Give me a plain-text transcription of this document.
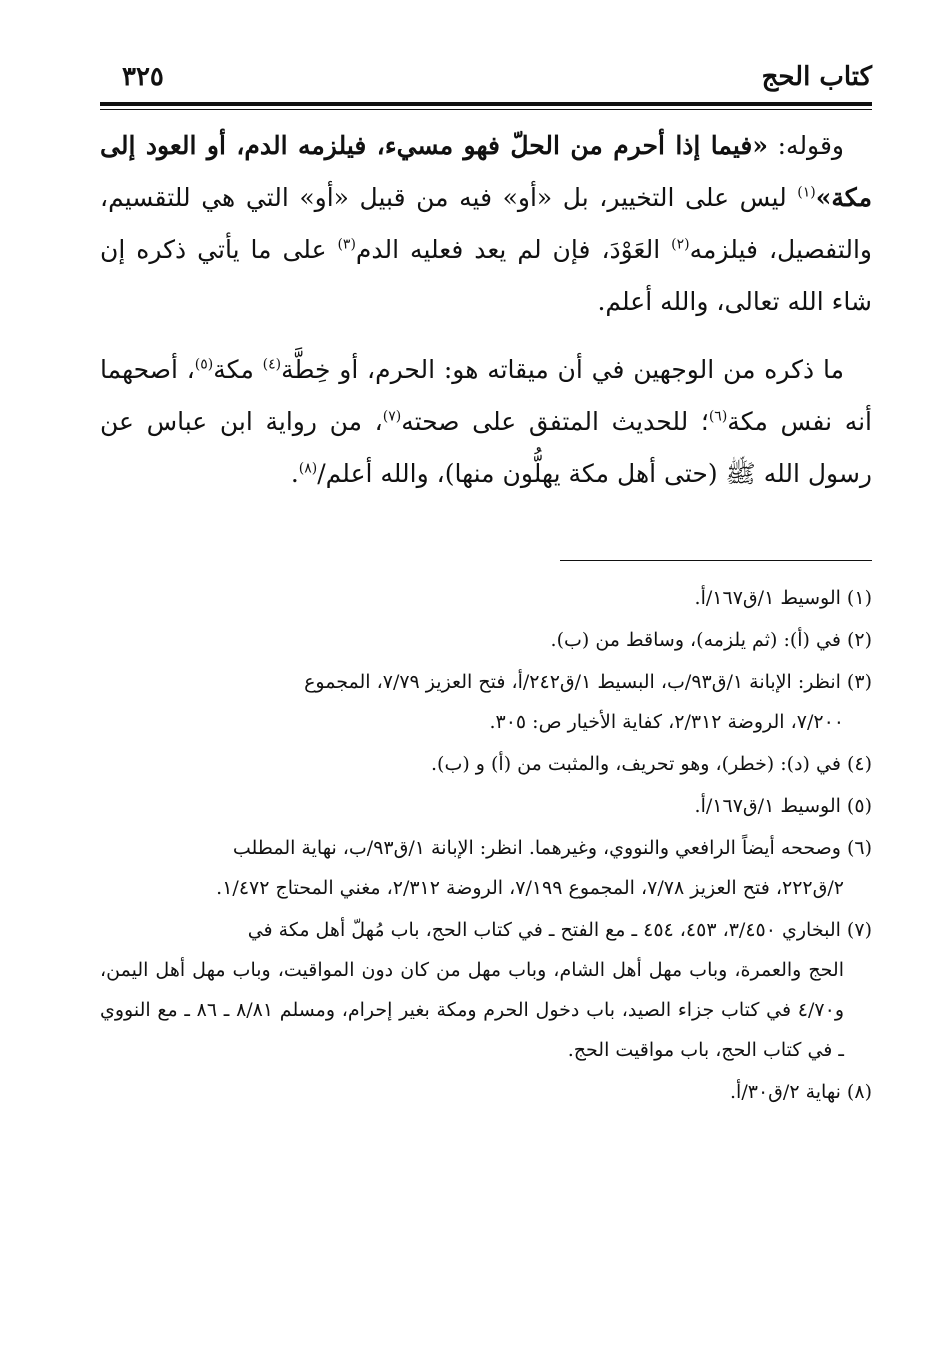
كتاب الحج
٣٢٥

وقوله: «فيما إذا أحرم من الحلّ فهو مسيء، فيلزمه الدم، أو العود إلى مكة»$^{(١)}$ ليس على التخيير، بل «أو» فيه من قبيل «أو» التي هي للتقسيم، والتفصيل، فيلزمه$^{(٢)}$ العَوْدَ، فإن لم يعد فعليه الدم$^{(٣)}$ على ما يأتي ذكره إن شاء الله تعالى، والله أعلم.

ما ذكره من الوجهين في أن ميقاته هو: الحرم، أو خِطَّة$^{(٤)}$ مكة$^{(٥)}$، أصحهما أنه نفس مكة$^{(٦)}$؛ للحديث المتفق على صحته$^{(٧)}$، من رواية ابن عباس عن رسول الله ﷺ (حتى أهل مكة يهلُّون منها)، والله أعلم/$^{(٨)}$.

(١) الوسيط ١/ق١٦٧/أ.
(٢) في (أ): (ثم يلزمه)، وساقط من (ب).
(٣) انظر: الإبانة ١/ق٩٣/ب، البسيط ١/ق٢٤٢/أ، فتح العزيز ٧/٧٩، المجموع
٧/٢٠٠، الروضة ٢/٣١٢، كفاية الأخيار ص: ٣٠٥.
(٤) في (د): (خطر)، وهو تحريف، والمثبت من (أ) و (ب).
(٥) الوسيط ١/ق١٦٧/أ.
(٦) وصححه أيضاً الرافعي والنووي، وغيرهما. انظر: الإبانة ١/ق٩٣/ب، نهاية المطلب
٢/ق٢٢٢، فتح العزيز ٧/٧٨، المجموع ٧/١٩٩، الروضة ٢/٣١٢، مغني المحتاج ١/٤٧٢.
(٧) البخاري ٣/٤٥٠، ٤٥٣، ٤٥٤ ـ مع الفتح ـ في كتاب الحج، باب مُهلّ أهل مكة في
الحج والعمرة، وباب مهل أهل الشام، وباب مهل من كان دون المواقيت، وباب مهل أهل اليمن، و٤/٧٠ في كتاب جزاء الصيد، باب دخول الحرم ومكة بغير إحرام، ومسلم ٨/٨١ ـ ٨٦ ـ مع النووي ـ في كتاب الحج، باب مواقيت الحج.
(٨) نهاية ٢/ق٣٠/أ.
